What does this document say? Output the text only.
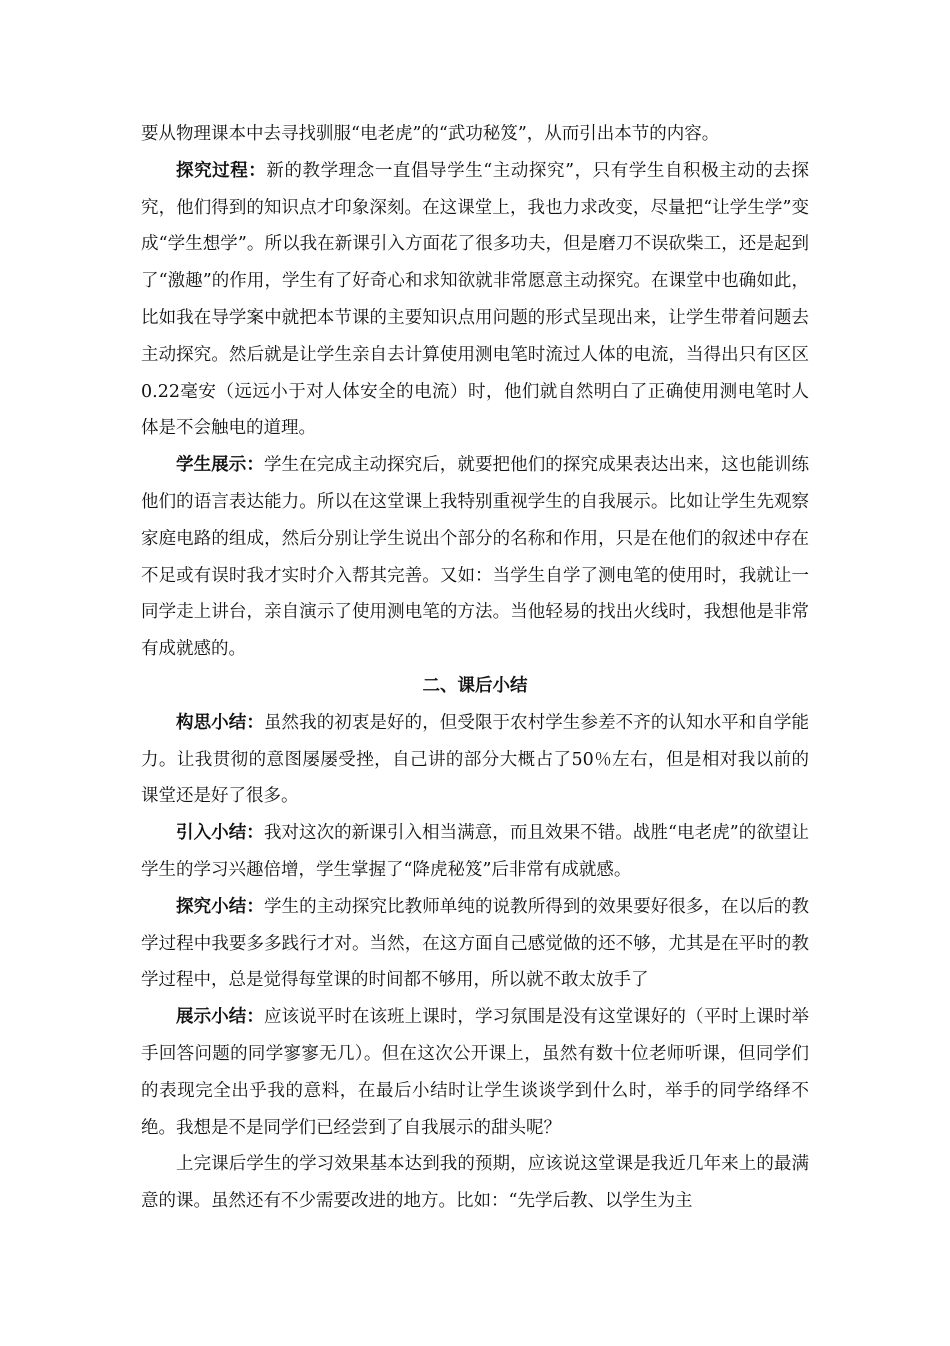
要从物理课本中去寻找驯服“电老虎”的“武功秘笈”，从而引出本节的内容。

探究过程：新的教学理念一直倡导学生“主动探究”，只有学生自积极主动的去探究，他们得到的知识点才印象深刻。在这课堂上，我也力求改变，尽量把“让学生学”变成“学生想学”。所以我在新课引入方面花了很多功夫，但是磨刀不误砍柴工，还是起到了“激趣”的作用，学生有了好奇心和求知欲就非常愿意主动探究。在课堂中也确如此，比如我在导学案中就把本节课的主要知识点用问题的形式呈现出来，让学生带着问题去主动探究。然后就是让学生亲自去计算使用测电笔时流过人体的电流，当得出只有区区0.22毫安（远远小于对人体安全的电流）时，他们就自然明白了正确使用测电笔时人体是不会触电的道理。

学生展示：学生在完成主动探究后，就要把他们的探究成果表达出来，这也能训练他们的语言表达能力。所以在这堂课上我特别重视学生的自我展示。比如让学生先观察家庭电路的组成，然后分别让学生说出个部分的名称和作用，只是在他们的叙述中存在不足或有误时我才实时介入帮其完善。又如：当学生自学了测电笔的使用时，我就让一同学走上讲台，亲自演示了使用测电笔的方法。当他轻易的找出火线时，我想他是非常有成就感的。

二、课后小结

构思小结：虽然我的初衷是好的，但受限于农村学生参差不齐的认知水平和自学能力。让我贯彻的意图屡屡受挫，自己讲的部分大概占了50％左右，但是相对我以前的课堂还是好了很多。

引入小结：我对这次的新课引入相当满意，而且效果不错。战胜“电老虎”的欲望让学生的学习兴趣倍增，学生掌握了“降虎秘笈”后非常有成就感。

探究小结：学生的主动探究比教师单纯的说教所得到的效果要好很多，在以后的教学过程中我要多多践行才对。当然，在这方面自己感觉做的还不够，尤其是在平时的教学过程中，总是觉得每堂课的时间都不够用，所以就不敢太放手了

展示小结：应该说平时在该班上课时，学习氛围是没有这堂课好的（平时上课时举手回答问题的同学寥寥无几）。但在这次公开课上，虽然有数十位老师听课，但同学们的表现完全出乎我的意料，在最后小结时让学生谈谈学到什么时，举手的同学络绎不绝。我想是不是同学们已经尝到了自我展示的甜头呢？

上完课后学生的学习效果基本达到我的预期，应该说这堂课是我近几年来上的最满意的课。虽然还有不少需要改进的地方。比如：“先学后教、以学生为主
